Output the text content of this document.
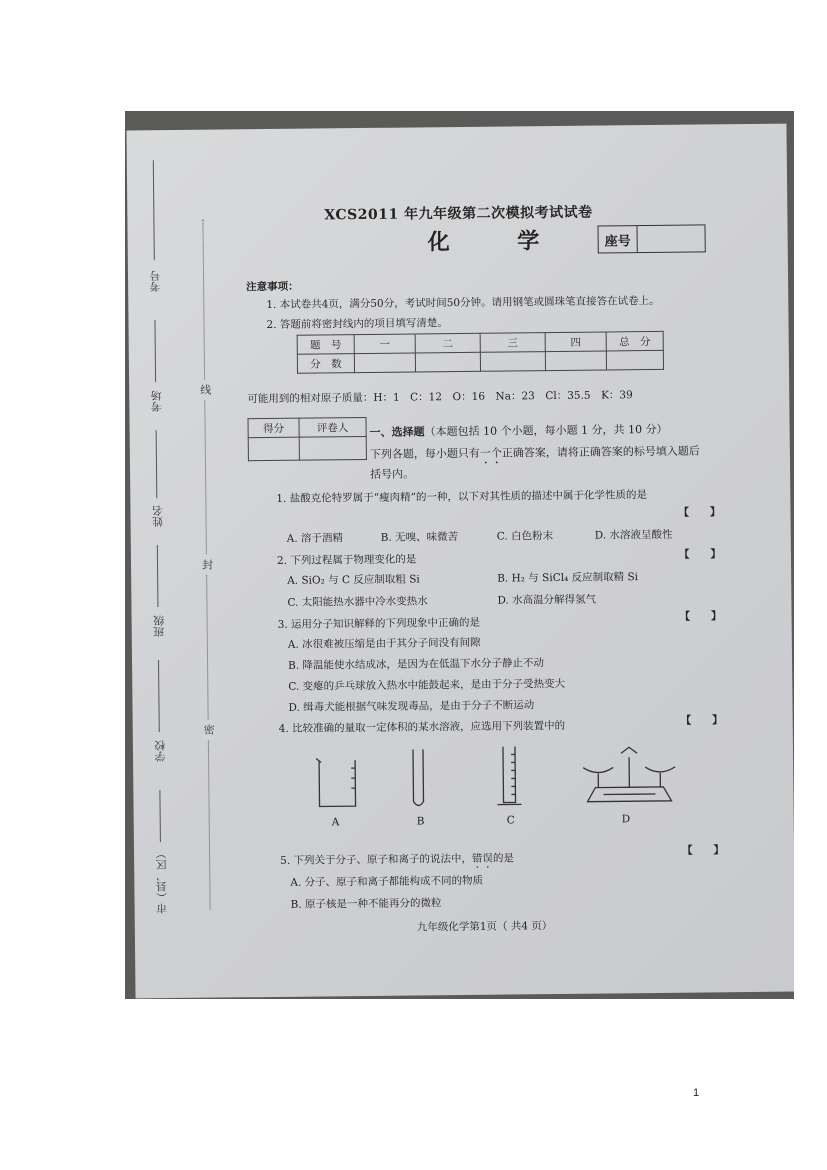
市（县、区）
学校
班级
姓名
考场
考号
密
封
线
XCS2011 年九年级第二次模拟考试试卷
化 学	座号
注意事项：
1. 本试卷共4页，满分50分，考试时间50分钟。请用钢笔或圆珠笔直接答在试卷上。
2. 答题前将密封线内的项目填写清楚。
题　号	一	二	三	四	总　分
分　数					
可能用到的相对原子质量：H：1　C：12　O：16　Na：23　Cl：35.5　K：39
得分	评卷人
	一、选择题（本题包括 10 个小题，每小题 1 分，共 10 分）
下列各题，每小题只有一个正确答案，请将正确答案的标号填入题后
括号内。
1. 盐酸克伦特罗属于“瘦肉精”的一种，以下对其性质的描述中属于化学性质的是
【　　】
A. 溶于酒精	B. 无嗅、味微苦	C. 白色粉末	D. 水溶液呈酸性
2. 下列过程属于物理变化的是	【　　】
A. SiO₂ 与 C 反应制取粗 Si	B. H₂ 与 SiCl₄ 反应制取精 Si
C. 太阳能热水器中冷水变热水	D. 水高温分解得氢气
3. 运用分子知识解释的下列现象中正确的是
【　　】
A. 冰很难被压缩是由于其分子间没有间隙
B. 降温能使水结成冰，是因为在低温下水分子静止不动
C. 变瘪的乒乓球放入热水中能鼓起来，是由于分子受热变大
D. 缉毒犬能根据气味发现毒品，是由于分子不断运动
4. 比较准确的量取一定体积的某水溶液，应选用下列装置中的	【　　】
A	B	C	D
5. 下列关于分子、原子和离子的说法中，错误的是
【　　】
A. 分子、原子和离子都能构成不同的物质
B. 原子核是一种不能再分的微粒
九年级化学第1页（ 共4 页）
1
